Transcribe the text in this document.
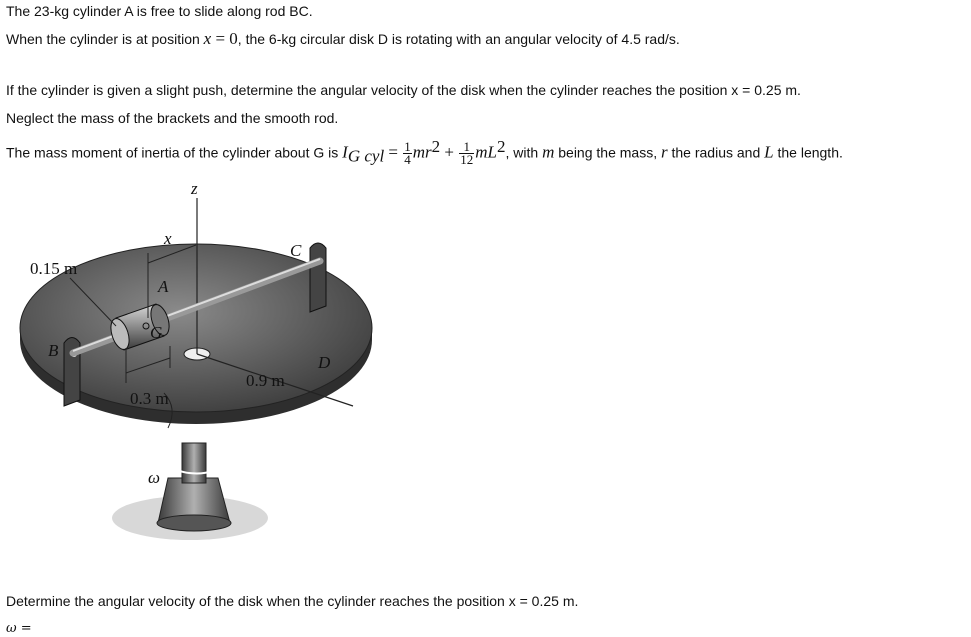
The 23-kg cylinder A is free to slide along rod BC.
When the cylinder is at position x = 0, the 6-kg circular disk D is rotating with an angular velocity of 4.5 rad/s.
If the cylinder is given a slight push, determine the angular velocity of the disk when the cylinder reaches the position x = 0.25 m.
Neglect the mass of the brackets and the smooth rod.
The mass moment of inertia of the cylinder about G is $I_{G cyl} = \frac{1}{4} mr^2 + \frac{1}{12} mL^2$, with m being the mass, r the radius and L the length.
z
x
C
A
G
B
D
0.15 m
0.9 m
0.3 m
ω
Determine the angular velocity of the disk when the cylinder reaches the position x = 0.25 m.
ω =
